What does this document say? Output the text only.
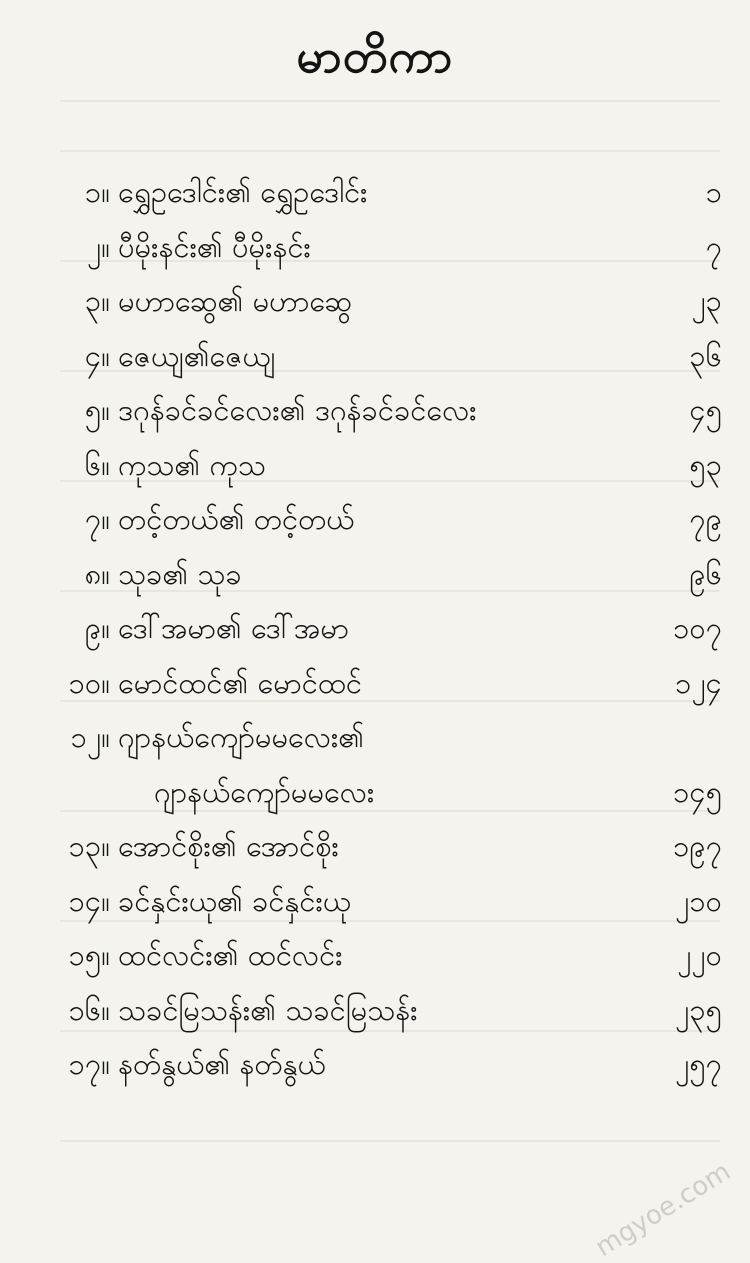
မာတိကာ
၁။ ရွှေဥဒေါင်း၏ ရွှေဥဒေါင်း	၁
၂။ ပီမိုးနင်း၏ ပီမိုးနင်း	၇
၃။ မဟာဆွေ၏ မဟာဆွေ	၂၃
၄။ ဇေယျ၏ဇေယျ	၃၆
၅။ ဒဂုန်ခင်ခင်လေး၏ ဒဂုန်ခင်ခင်လေး	၄၅
၆။ ကုသ၏ ကုသ	၅၃
၇။ တင့်တယ်၏ တင့်တယ်	၇၉
၈။ သုခ၏ သုခ	၉၆
၉။ ဒေါ်အမာ၏ ဒေါ်အမာ	၁၀၇
၁၀။ မောင်ထင်၏ မောင်ထင်	၁၂၄
၁၂။ ဂျာနယ်ကျော်မမလေး၏
ဂျာနယ်ကျော်မမလေး	၁၄၅
၁၃။ အောင်စိုး၏ အောင်စိုး	၁၉၇
၁၄။ ခင်နှင်းယု၏ ခင်နှင်းယု	၂၁၀
၁၅။ ထင်လင်း၏ ထင်လင်း	၂၂၀
၁၆။ သခင်မြသန်း၏ သခင်မြသန်း	၂၃၅
၁၇။ နတ်နွယ်၏ နတ်နွယ်	၂၅၇
mgyoe.com
